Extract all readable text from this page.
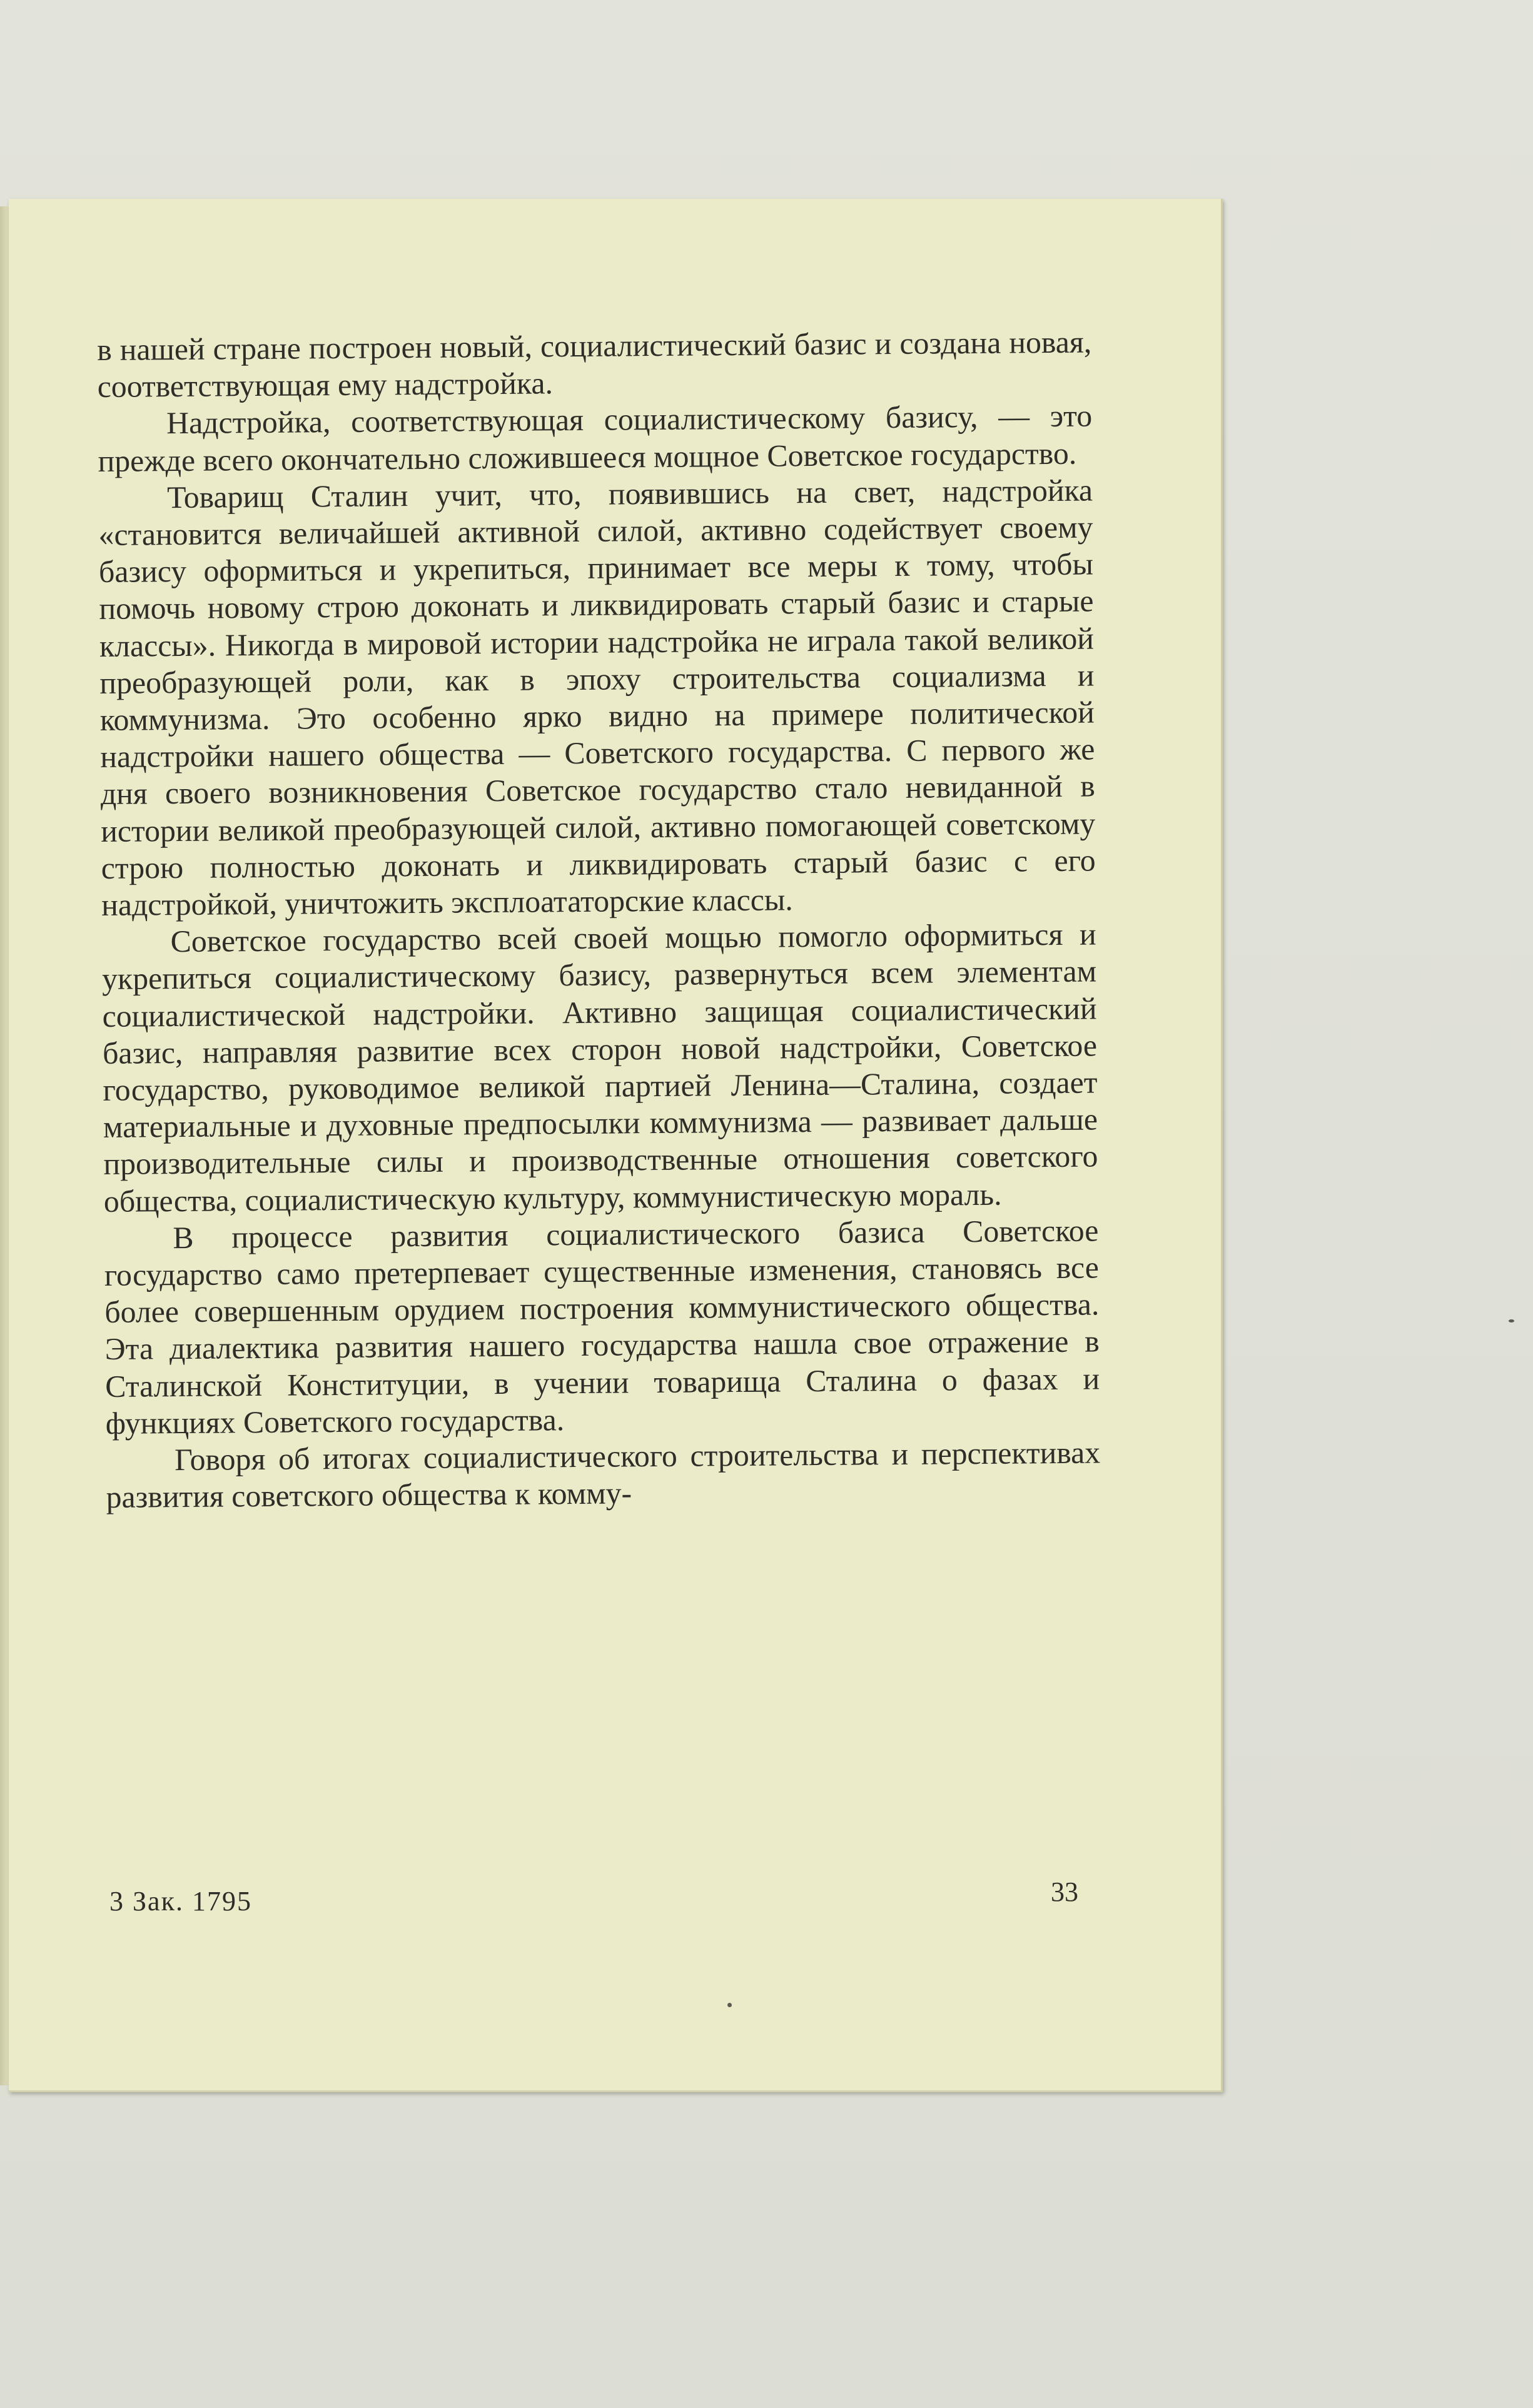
в нашей стране построен новый, социалистический базис и создана новая, соответствующая ему надстройка.

Надстройка, соответствующая социалистическому базису, — это прежде всего окончательно сложившееся мощное Советское государство.

Товарищ Сталин учит, что, появившись на свет, надстройка «становится величайшей активной силой, активно содействует своему базису оформиться и укрепиться, принимает все меры к тому, чтобы помочь новому строю доконать и ликвидировать старый базис и старые классы». Никогда в мировой истории надстройка не играла такой великой преобразующей роли, как в эпоху строительства социализма и коммунизма. Это особенно ярко видно на примере политической надстройки нашего общества — Советского государства. С первого же дня своего возникновения Советское государство стало невиданной в истории великой преобразующей силой, активно помогающей советскому строю полностью доконать и ликвидировать старый базис с его надстройкой, уничтожить эксплоататорские классы.

Советское государство всей своей мощью помогло оформиться и укрепиться социалистическому базису, развернуться всем элементам социалистической надстройки. Активно защищая социалистический базис, направляя развитие всех сторон новой надстройки, Советское государство, руководимое великой партией Ленина—Сталина, создает материальные и духовные предпосылки коммунизма — развивает дальше производительные силы и производственные отношения советского общества, социалистическую культуру, коммунистическую мораль.

В процессе развития социалистического базиса Советское государство само претерпевает существенные изменения, становясь все более совершенным орудием построения коммунистического общества. Эта диалектика развития нашего государства нашла свое отражение в Сталинской Конституции, в учении товарища Сталина о фазах и функциях Советского государства.

Говоря об итогах социалистического строительства и перспективах развития советского общества к комму-

3 Зак. 1795	33
